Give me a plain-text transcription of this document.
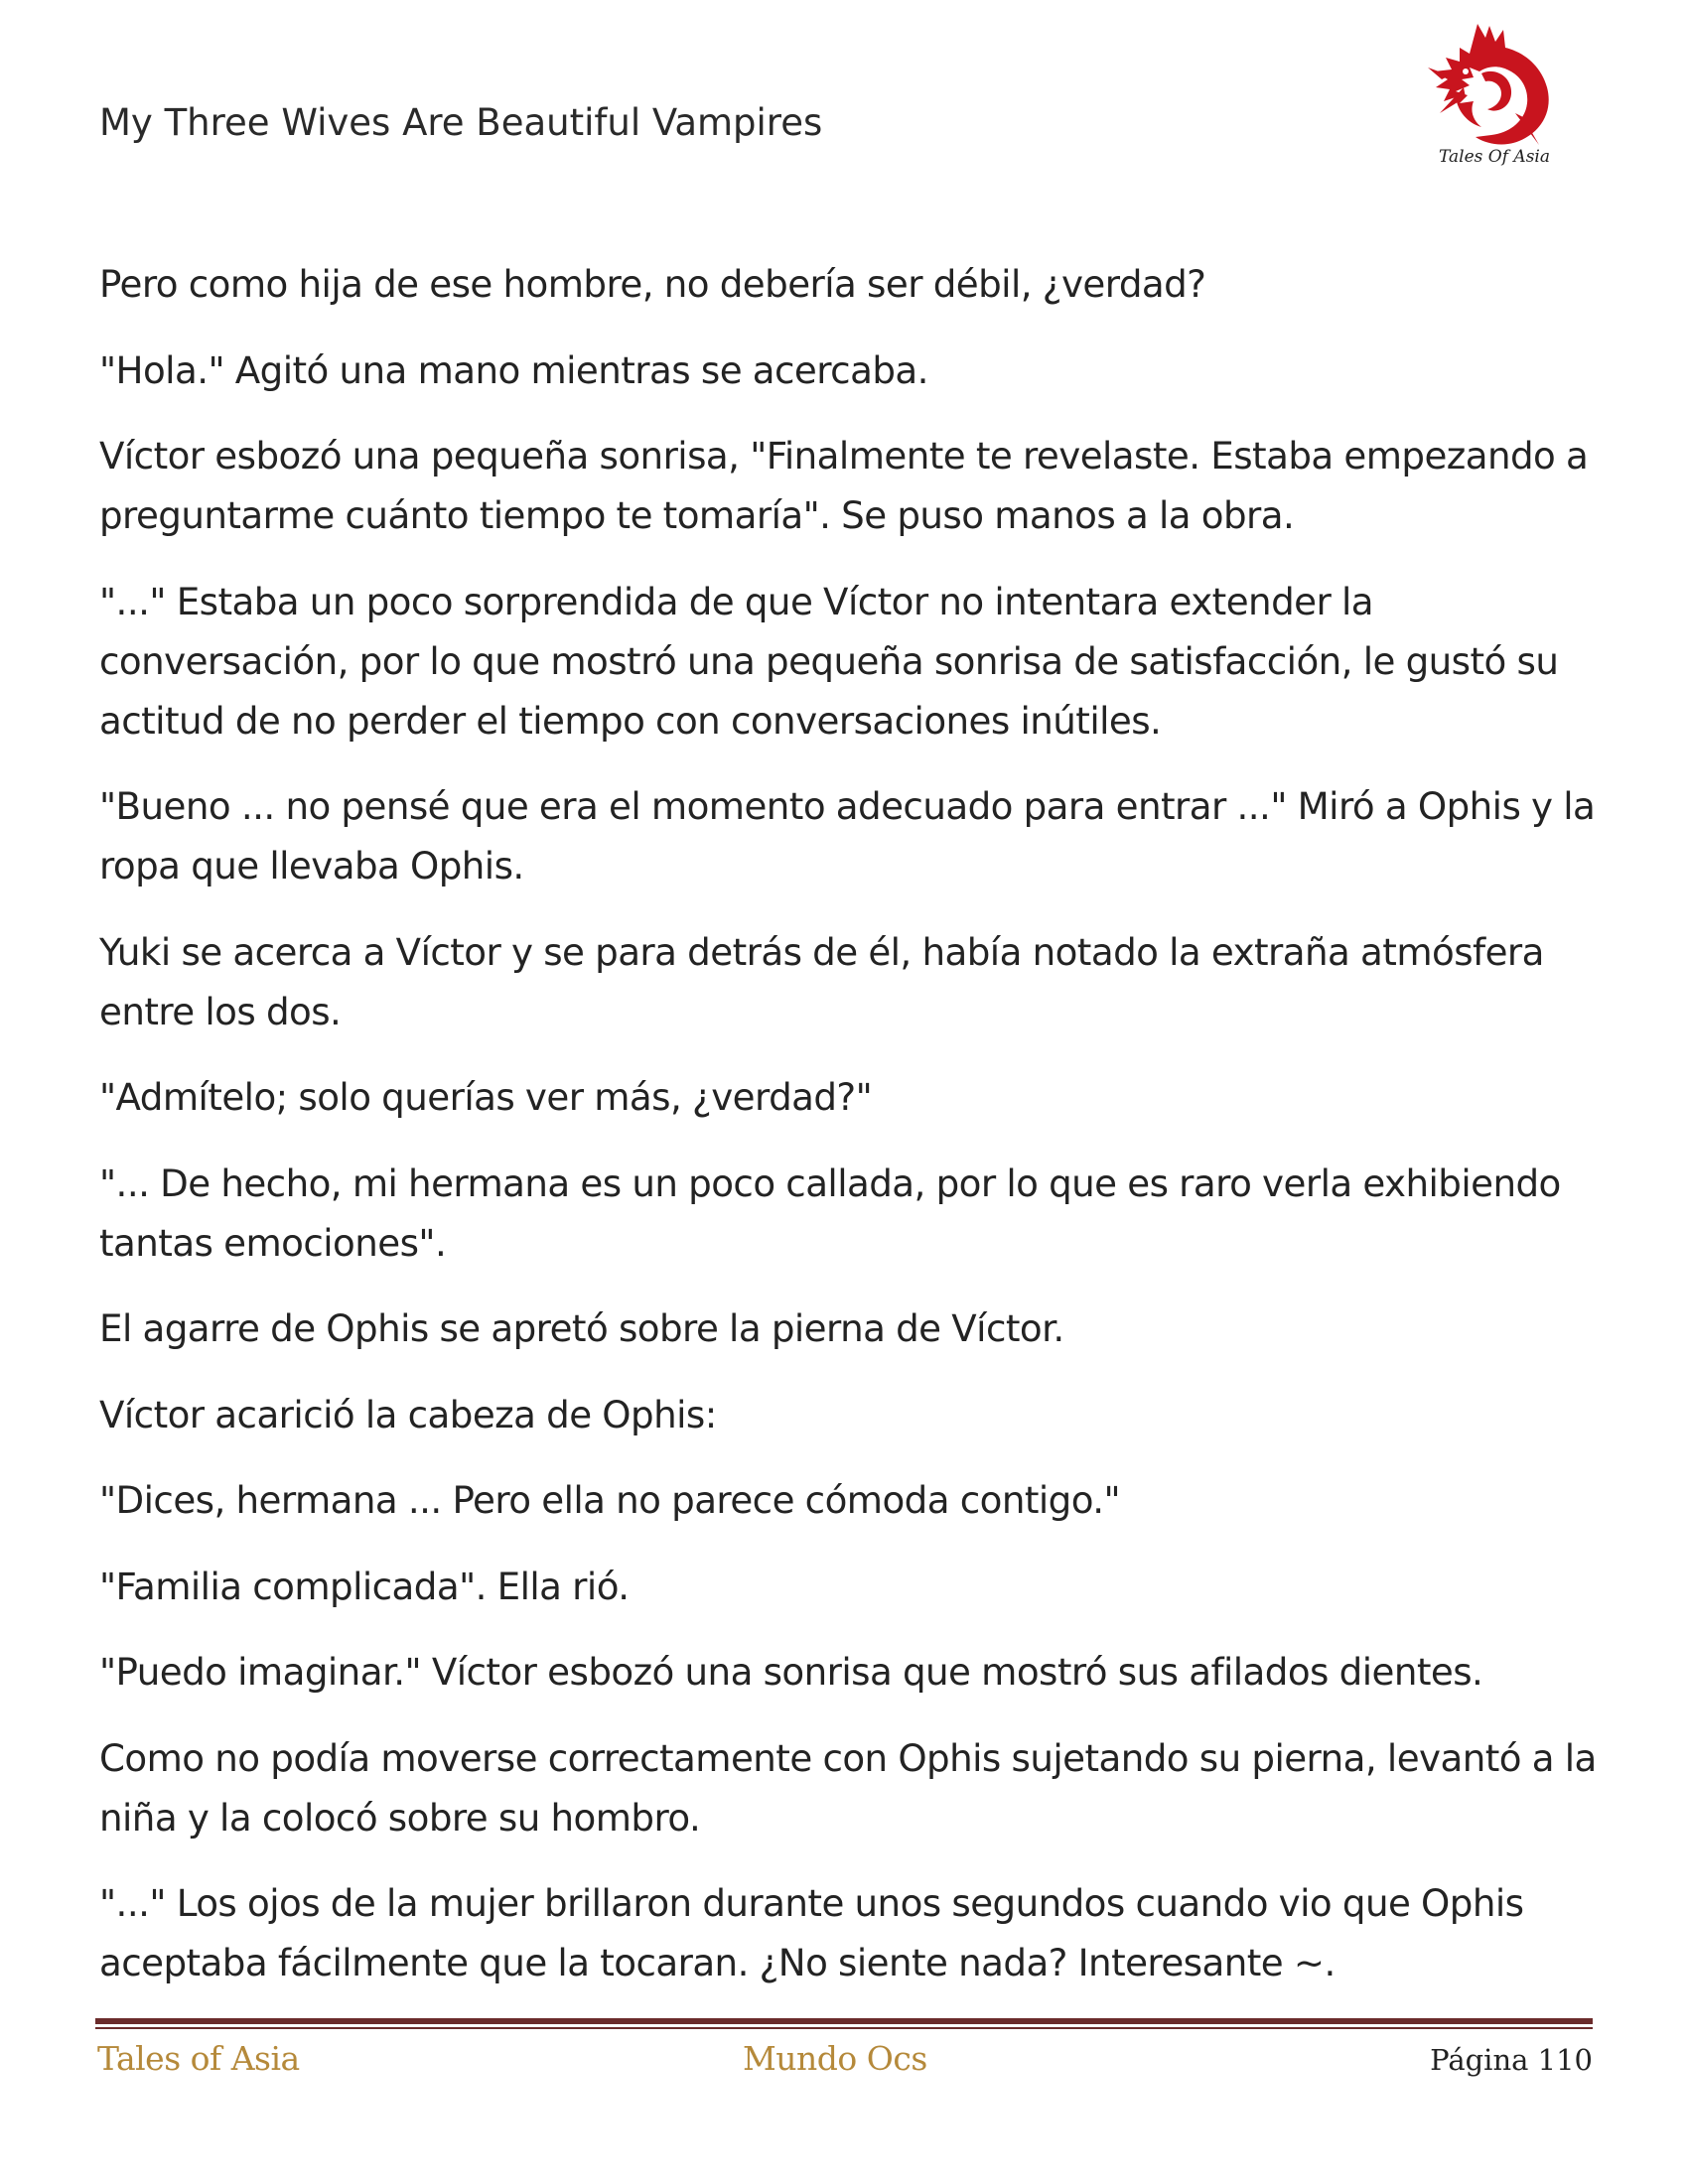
My Three Wives Are Beautiful Vampires
Tales Of Asia

Pero como hija de ese hombre, no debería ser débil, ¿verdad?

"Hola." Agitó una mano mientras se acercaba.

Víctor esbozó una pequeña sonrisa, "Finalmente te revelaste. Estaba empezando a preguntarme cuánto tiempo te tomaría". Se puso manos a la obra.

"..." Estaba un poco sorprendida de que Víctor no intentara extender la conversación, por lo que mostró una pequeña sonrisa de satisfacción, le gustó su actitud de no perder el tiempo con conversaciones inútiles.

"Bueno ... no pensé que era el momento adecuado para entrar ..." Miró a Ophis y la ropa que llevaba Ophis.

Yuki se acerca a Víctor y se para detrás de él, había notado la extraña atmósfera entre los dos.

"Admítelo; solo querías ver más, ¿verdad?"

"... De hecho, mi hermana es un poco callada, por lo que es raro verla exhibiendo tantas emociones".

El agarre de Ophis se apretó sobre la pierna de Víctor.

Víctor acarició la cabeza de Ophis:

"Dices, hermana ... Pero ella no parece cómoda contigo."

"Familia complicada". Ella rió.

"Puedo imaginar." Víctor esbozó una sonrisa que mostró sus afilados dientes.

Como no podía moverse correctamente con Ophis sujetando su pierna, levantó a la niña y la colocó sobre su hombro.

"..." Los ojos de la mujer brillaron durante unos segundos cuando vio que Ophis aceptaba fácilmente que la tocaran. ¿No siente nada? Interesante ~.

Tales of Asia	Mundo Ocs	Página 110
